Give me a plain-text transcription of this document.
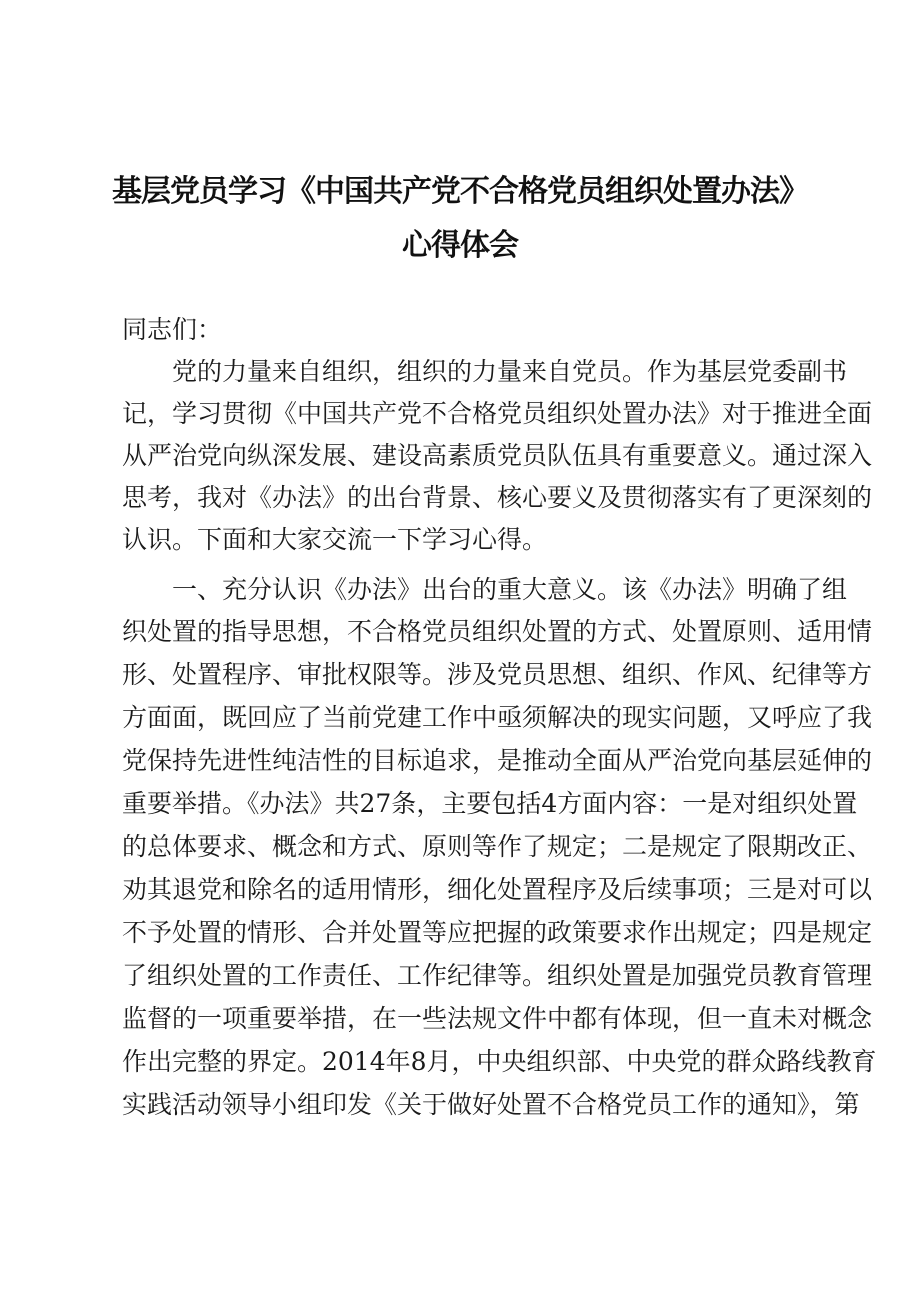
基层党员学习《中国共产党不合格党员组织处置办法》
心得体会
同志们：
党的力量来自组织，组织的力量来自党员。作为基层党委副书
记，学习贯彻《中国共产党不合格党员组织处置办法》对于推进全面
从严治党向纵深发展、建设高素质党员队伍具有重要意义。通过深入
思考，我对《办法》的出台背景、核心要义及贯彻落实有了更深刻的
认识。下面和大家交流一下学习心得。
一、充分认识《办法》出台的重大意义。该《办法》明确了组
织处置的指导思想，不合格党员组织处置的方式、处置原则、适用情
形、处置程序、审批权限等。涉及党员思想、组织、作风、纪律等方
方面面，既回应了当前党建工作中亟须解决的现实问题，又呼应了我
党保持先进性纯洁性的目标追求，是推动全面从严治党向基层延伸的
重要举措。《办法》共27条，主要包括4方面内容：一是对组织处置
的总体要求、概念和方式、原则等作了规定；二是规定了限期改正、
劝其退党和除名的适用情形，细化处置程序及后续事项；三是对可以
不予处置的情形、合并处置等应把握的政策要求作出规定；四是规定
了组织处置的工作责任、工作纪律等。组织处置是加强党员教育管理
监督的一项重要举措，在一些法规文件中都有体现，但一直未对概念
作出完整的界定。2014年8月，中央组织部、中央党的群众路线教育
实践活动领导小组印发《关于做好处置不合格党员工作的通知》，第
